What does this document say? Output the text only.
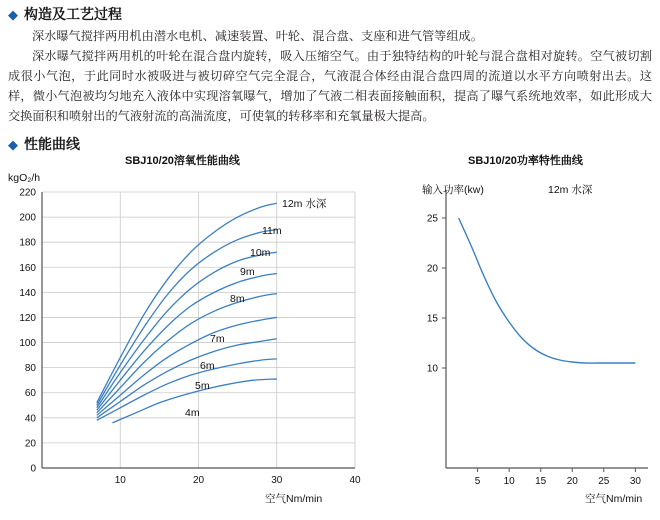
◆ 构造及工艺过程
深水曝气搅拌两用机由潜水电机、减速装置、叶轮、混合盘、支座和进气管等组成。
深水曝气搅拌两用机的叶轮在混合盘内旋转，吸入压缩空气。由于独特结构的叶轮与混合盘相对旋转。空气被切割成很小气泡，于此同时水被吸进与被切碎空气完全混合，气液混合体经由混合盘四周的流道以水平方向喷射出去。这样，微小气泡被均匀地充入液体中实现溶氧曝气，增加了气液二相表面接触面积，提高了曝气系统地效率，如此形成大交换面积和喷射出的气液射流的高湍流度，可使氧的转移率和充氧量极大提高。
◆ 性能曲线
SBJ10/20溶氧性能曲线
kgO₂/h
空气Nm/min
0
20
40
60
80
100
120
140
160
180
200
220
10	20	30	40
12m 水深
11m
10m
9m
8m
7m
6m
5m
4m
SBJ10/20功率特性曲线
输入功率(kw)	12m 水深
空气Nm/min
10
15
20
25
5 10 15 20 25 30
